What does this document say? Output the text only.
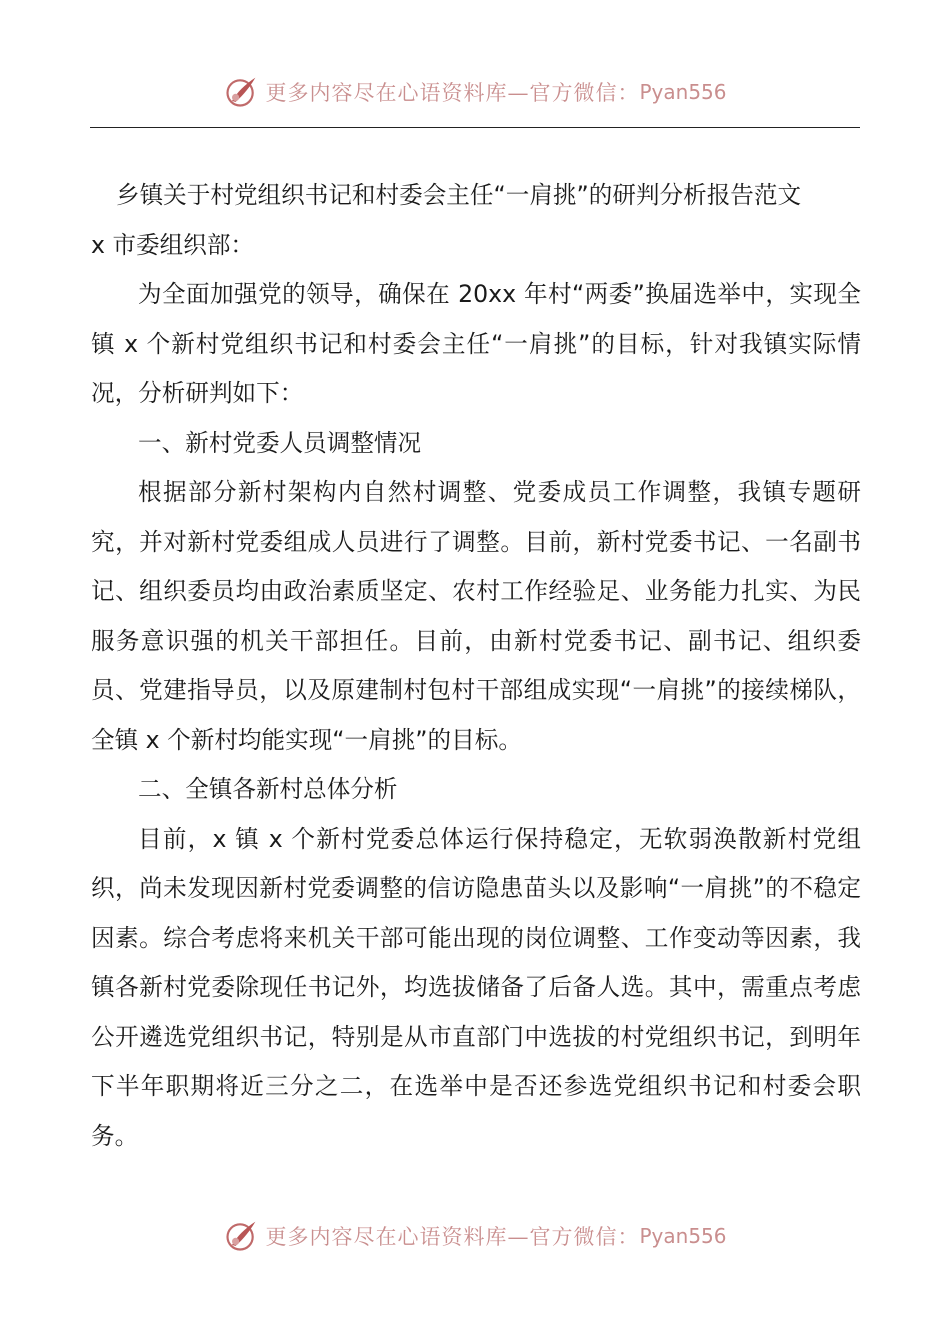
更多内容尽在心语资料库—官方微信： Pyan556

乡镇关于村党组织书记和村委会主任“一肩挑”的研判分析报告范文

x 市委组织部：

为全面加强党的领导，确保在 20xx 年村“两委”换届选举中，实现全镇 x 个新村党组织书记和村委会主任“一肩挑”的目标，针对我镇实际情况，分析研判如下：

一、新村党委人员调整情况

根据部分新村架构内自然村调整、党委成员工作调整，我镇专题研究，并对新村党委组成人员进行了调整。目前，新村党委书记、一名副书记、组织委员均由政治素质坚定、农村工作经验足、业务能力扎实、为民服务意识强的机关干部担任。目前，由新村党委书记、副书记、组织委员、党建指导员，以及原建制村包村干部组成实现“一肩挑”的接续梯队，全镇 x 个新村均能实现“一肩挑”的目标。

二、全镇各新村总体分析

目前，x 镇 x 个新村党委总体运行保持稳定，无软弱涣散新村党组织，尚未发现因新村党委调整的信访隐患苗头以及影响“一肩挑”的不稳定因素。综合考虑将来机关干部可能出现的岗位调整、工作变动等因素，我镇各新村党委除现任书记外，均选拔储备了后备人选。其中，需重点考虑公开遴选党组织书记，特别是从市直部门中选拔的村党组织书记，到明年下半年职期将近三分之二，在选举中是否还参选党组织书记和村委会职务。

更多内容尽在心语资料库—官方微信： Pyan556
